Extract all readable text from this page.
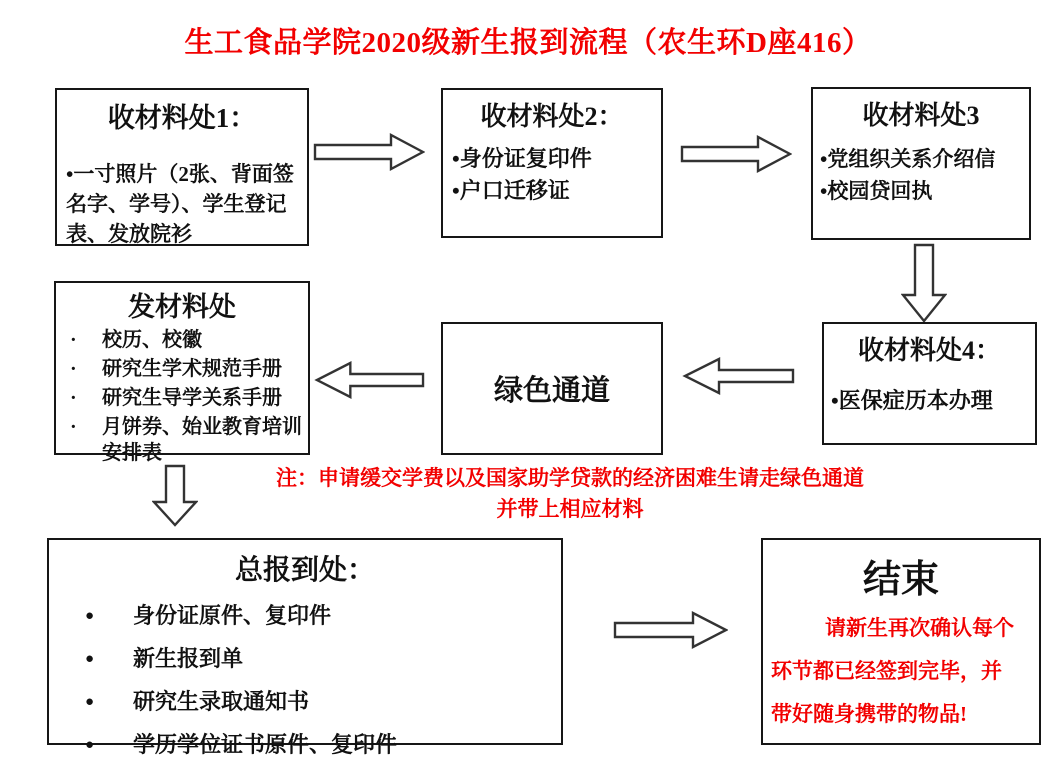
生工食品学院2020级新生报到流程（农生环D座416）
收材料处1：
•一寸照片（2张、背面签名字、学号）、学生登记表、发放院衫
收材料处2：
•身份证复印件
•户口迁移证
收材料处3
•党组织关系介绍信
•校园贷回执
发材料处
·	校历、校徽
·	研究生学术规范手册
·	研究生导学关系手册
·	月饼券、始业教育培训安排表
绿色通道
收材料处4：
•医保症历本办理
注：申请缓交学费以及国家助学贷款的经济困难生请走绿色通道
并带上相应材料
总报到处：
●	身份证原件、复印件
●	新生报到单
●	研究生录取通知书
●	学历学位证书原件、复印件
结束
请新生再次确认每个
环节都已经签到完毕，并
带好随身携带的物品!
